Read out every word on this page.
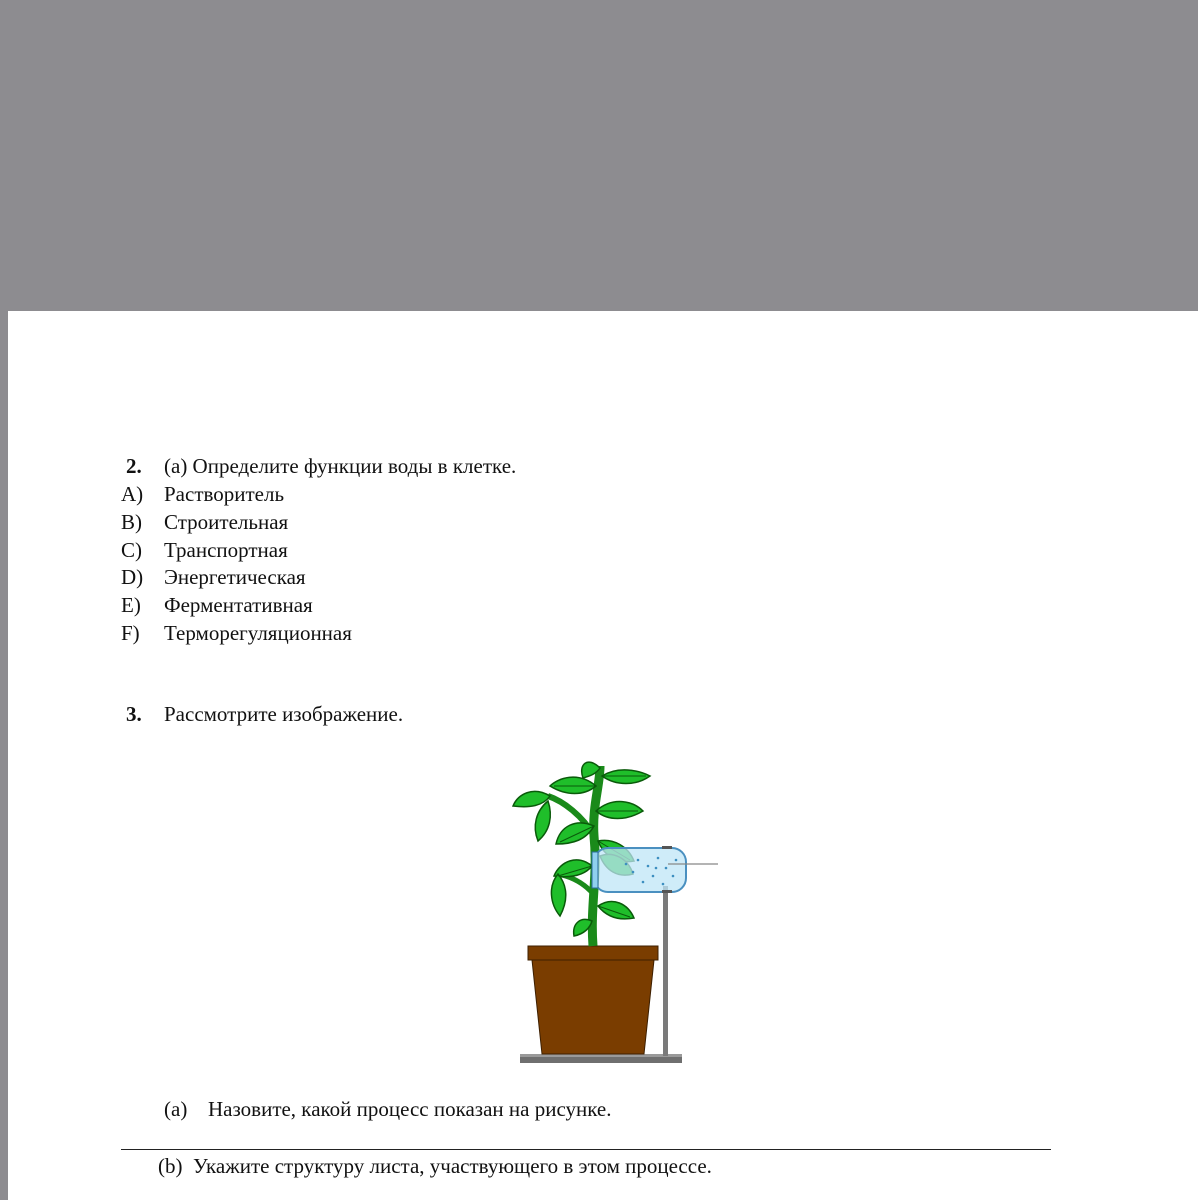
2. (a) Определите функции воды в клетке.
A) Растворитель
B) Строительная
C) Транспортная
D) Энергетическая
E) Ферментативная
F) Терморегуляционная
3. Рассмотрите изображение.
(a) Назовите, какой процесс показан на рисунке.
(b) Укажите структуру листа, участвующего в этом процессе.
